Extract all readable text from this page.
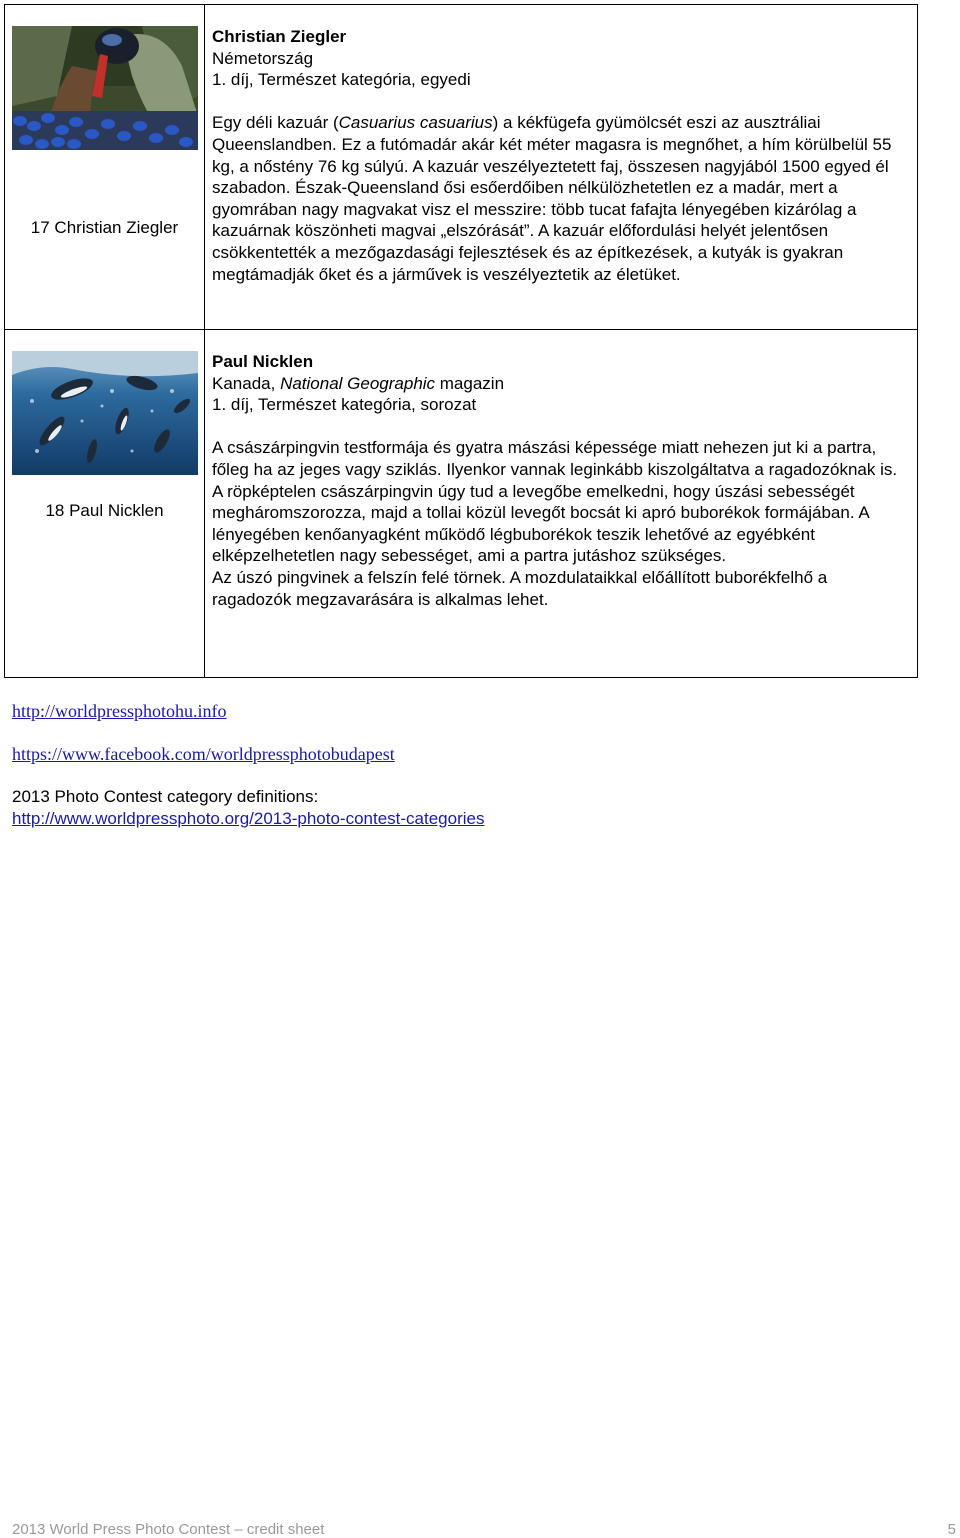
17 Christian Ziegler	Christian Ziegler
Németország
1. díj, Természet kategória, egyedi
Egy déli kazuár (Casuarius casuarius) a kékfügefa gyümölcsét eszi az ausztráliai Queenslandben. Ez a futómadár akár két méter magasra is megnőhet, a hím körülbelül 55 kg, a nőstény 76 kg súlyú. A kazuár veszélyeztetett faj, összesen nagyjából 1500 egyed él szabadon. Észak-Queensland ősi esőerdőiben nélkülözhetetlen ez a madár, mert a gyomrában nagy magvakat visz el messzire: több tucat fafajta lényegében kizárólag a kazuárnak köszönheti magvai „elszórását”. A kazuár előfordulási helyét jelentősen csökkentették a mezőgazdasági fejlesztések és az építkezések, a kutyák is gyakran megtámadják őket és a járművek is veszélyeztetik az életüket.

18 Paul Nicklen	Paul Nicklen
Kanada, National Geographic magazin
1. díj, Természet kategória, sorozat
A császárpingvin testformája és gyatra mászási képessége miatt nehezen jut ki a partra, főleg ha az jeges vagy sziklás. Ilyenkor vannak leginkább kiszolgáltatva a ragadozóknak is. A röpképtelen császárpingvin úgy tud a levegőbe emelkedni, hogy úszási sebességét megháromszorozza, majd a tollai közül levegőt bocsát ki apró buborékok formájában. A lényegében kenőanyagként működő légbuborékok teszik lehetővé az egyébként elképzelhetetlen nagy sebességet, ami a partra jutáshoz szükséges.
Az úszó pingvinek a felszín felé törnek. A mozdulataikkal előállított buborékfelhő a ragadozók megzavarására is alkalmas lehet.
http://worldpressphotohu.info
https://www.facebook.com/worldpressphotobudapest
2013 Photo Contest category definitions:
http://www.worldpressphoto.org/2013-photo-contest-categories
2013 World Press Photo Contest – credit sheet	5
